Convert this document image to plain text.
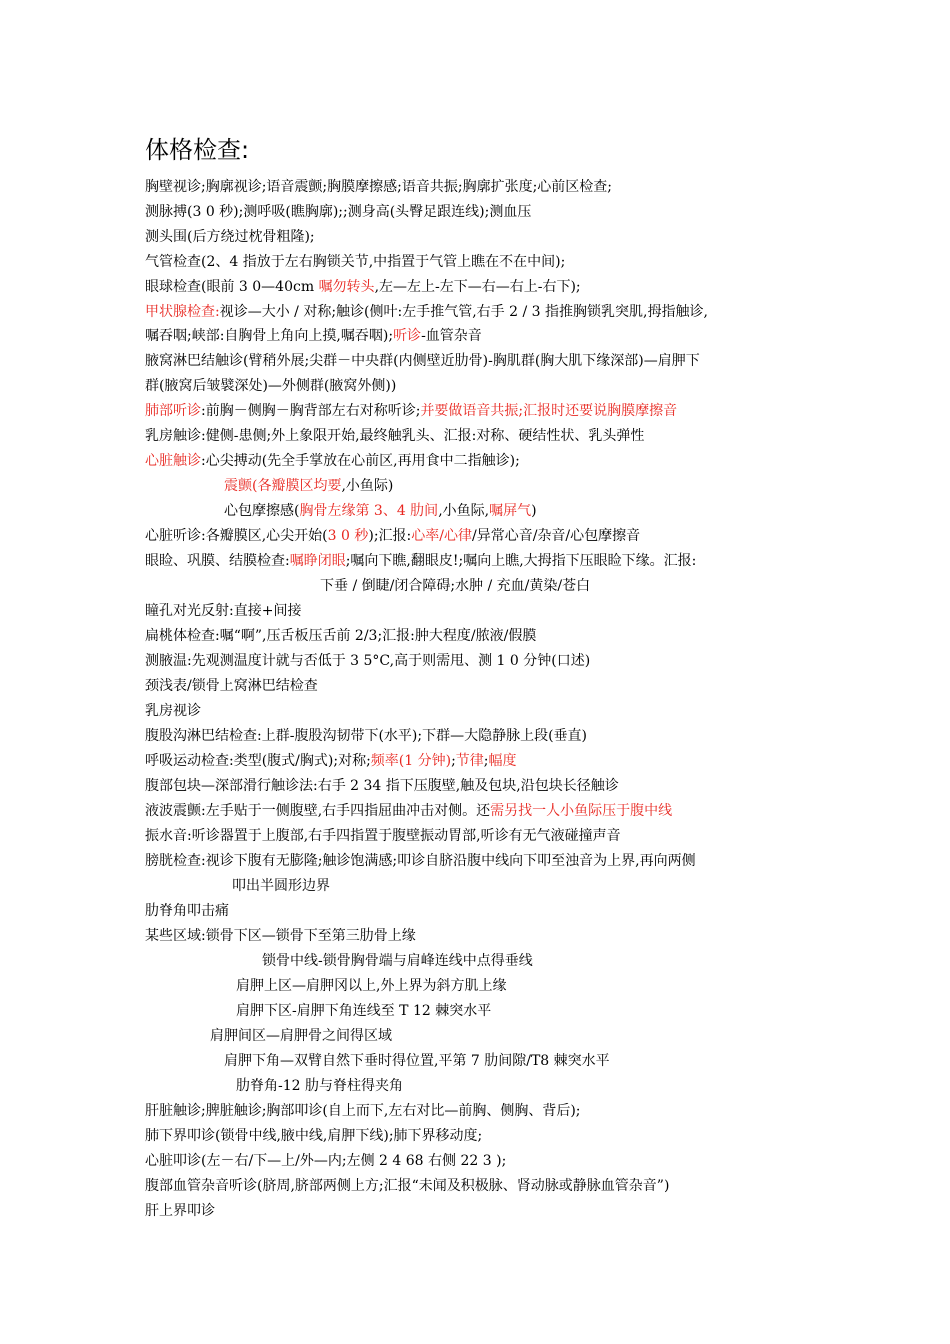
体格检查:
胸壁视诊;胸廓视诊;语音震颤;胸膜摩擦感;语音共振;胸廓扩张度;心前区检查;
测脉搏(3 0 秒);测呼吸(瞧胸廓);;测身高(头臀足跟连线);测血压
测头围(后方绕过枕骨粗隆);
气管检查(2、4 指放于左右胸锁关节,中指置于气管上瞧在不在中间);
眼球检查(眼前 3 0—40cm 嘱勿转头,左—左上-左下—右—右上-右下);
甲状腺检查:视诊—大小 / 对称;触诊(侧叶:左手推气管,右手 2 / 3 指推胸锁乳突肌,拇指触诊,
嘱吞咽;峡部:自胸骨上角向上摸,嘱吞咽);听诊-血管杂音
腋窝淋巴结触诊(臂稍外展;尖群－中央群(内侧壁近肋骨)-胸肌群(胸大肌下缘深部)—肩胛下
群(腋窝后皱襞深处)—外侧群(腋窝外侧))
肺部听诊:前胸－侧胸－胸背部左右对称听诊;并要做语音共振;汇报时还要说胸膜摩擦音
乳房触诊:健侧-患侧;外上象限开始,最终触乳头、汇报:对称、硬结性状、乳头弹性
心脏触诊:心尖搏动(先全手掌放在心前区,再用食中二指触诊);
震颤(各瓣膜区均要,小鱼际)
心包摩擦感(胸骨左缘第 3、4 肋间,小鱼际,嘱屏气)
心脏听诊:各瓣膜区,心尖开始(3 0 秒);汇报:心率/心律/异常心音/杂音/心包摩擦音
眼睑、巩膜、结膜检查:嘱睁闭眼;嘱向下瞧,翻眼皮!;嘱向上瞧,大拇指下压眼睑下缘。汇报:
下垂 / 倒睫/闭合障碍;水肿 / 充血/黄染/苍白
瞳孔对光反射:直接+间接
扁桃体检查:嘱“啊”,压舌板压舌前 2/3;汇报:肿大程度/脓液/假膜
测腋温:先观测温度计就与否低于 3 5°C,高于则需甩、测 1 0 分钟(口述)
颈浅表/锁骨上窝淋巴结检查
乳房视诊
腹股沟淋巴结检查:上群-腹股沟韧带下(水平);下群—大隐静脉上段(垂直)
呼吸运动检查:类型(腹式/胸式);对称;频率(1 分钟);节律;幅度
腹部包块—深部滑行触诊法:右手 2 34 指下压腹壁,触及包块,沿包块长径触诊
液波震颤:左手贴于一侧腹壁,右手四指屈曲冲击对侧。还需另找一人小鱼际压于腹中线
振水音:听诊器置于上腹部,右手四指置于腹壁振动胃部,听诊有无气液碰撞声音
膀胱检查:视诊下腹有无膨隆;触诊饱满感;叩诊自脐沿腹中线向下叩至浊音为上界,再向两侧
叩出半圆形边界
肋脊角叩击痛
某些区域:锁骨下区—锁骨下至第三肋骨上缘
锁骨中线-锁骨胸骨端与肩峰连线中点得垂线
肩胛上区—肩胛冈以上,外上界为斜方肌上缘
肩胛下区-肩胛下角连线至 T 12 棘突水平
肩胛间区—肩胛骨之间得区域
肩胛下角—双臂自然下垂时得位置,平第 7 肋间隙/T8 棘突水平
肋脊角-12 肋与脊柱得夹角
肝脏触诊;脾脏触诊;胸部叩诊(自上而下,左右对比—前胸、侧胸、背后);
肺下界叩诊(锁骨中线,腋中线,肩胛下线);肺下界移动度;
心脏叩诊(左－右/下—上/外—内;左侧 2 4 68 右侧 22 3 );
腹部血管杂音听诊(脐周,脐部两侧上方;汇报“未闻及积极脉、肾动脉或静脉血管杂音”)
肝上界叩诊
